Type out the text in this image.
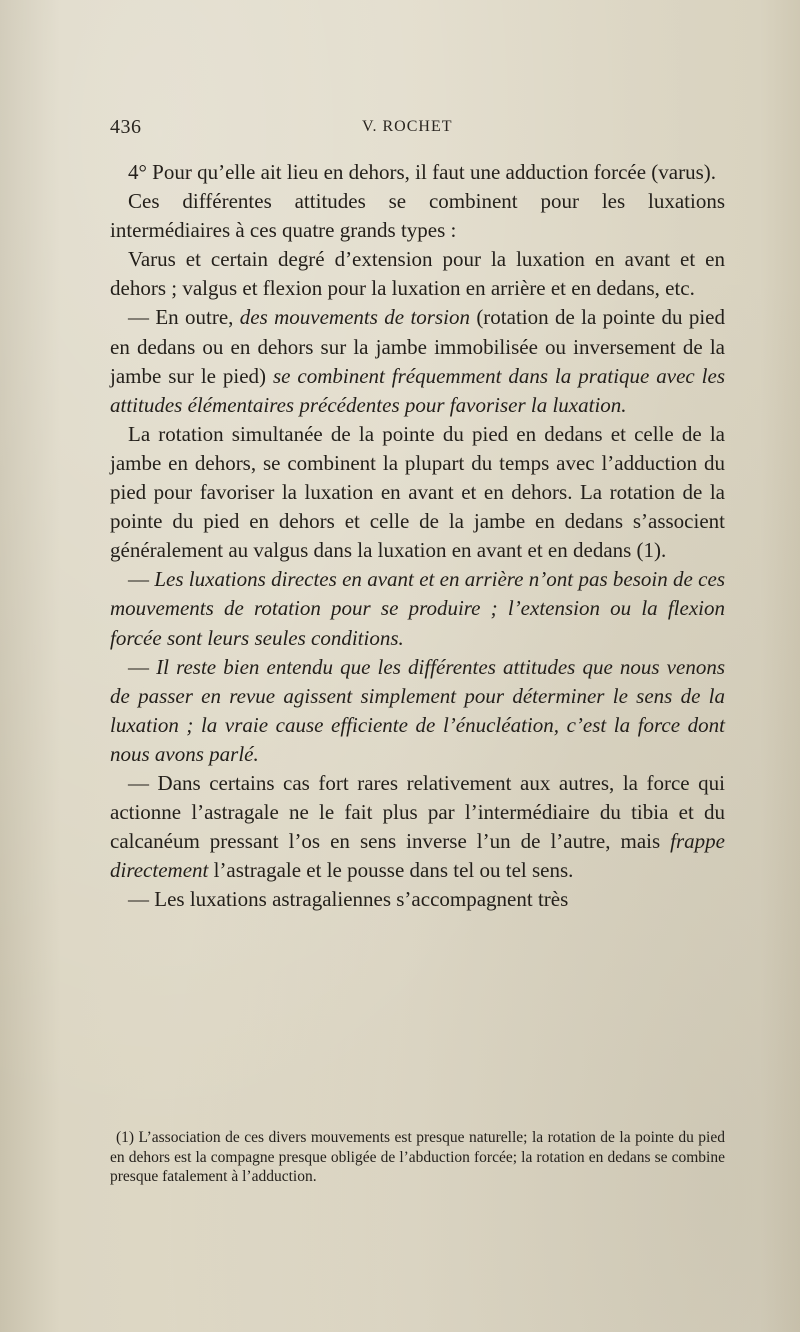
436	V. ROCHET

4° Pour qu’elle ait lieu en dehors, il faut une adduction forcée (varus).

Ces différentes attitudes se combinent pour les luxations intermédiaires à ces quatre grands types :

Varus et certain degré d’extension pour la luxation en avant et en dehors ; valgus et flexion pour la luxation en arrière et en dedans, etc.

— En outre, des mouvements de torsion (rotation de la pointe du pied en dedans ou en dehors sur la jambe immobilisée ou inversement de la jambe sur le pied) se combinent fréquemment dans la pratique avec les attitudes élémentaires précédentes pour favoriser la luxation.

La rotation simultanée de la pointe du pied en dedans et celle de la jambe en dehors, se combinent la plupart du temps avec l’adduction du pied pour favoriser la luxation en avant et en dehors. La rotation de la pointe du pied en dehors et celle de la jambe en dedans s’associent généralement au valgus dans la luxation en avant et en dedans (1).

— Les luxations directes en avant et en arrière n’ont pas besoin de ces mouvements de rotation pour se produire ; l’extension ou la flexion forcée sont leurs seules conditions.

— Il reste bien entendu que les différentes attitudes que nous venons de passer en revue agissent simplement pour déterminer le sens de la luxation ; la vraie cause efficiente de l’énucléation, c’est la force dont nous avons parlé.

— Dans certains cas fort rares relativement aux autres, la force qui actionne l’astragale ne le fait plus par l’intermédiaire du tibia et du calcanéum pressant l’os en sens inverse l’un de l’autre, mais frappe directement l’astragale et le pousse dans tel ou tel sens.

— Les luxations astragaliennes s’accompagnent très

(1) L’association de ces divers mouvements est presque naturelle; la rotation de la pointe du pied en dehors est la compagne presque obligée de l’abduction forcée; la rotation en dedans se combine presque fatalement à l’adduction.
